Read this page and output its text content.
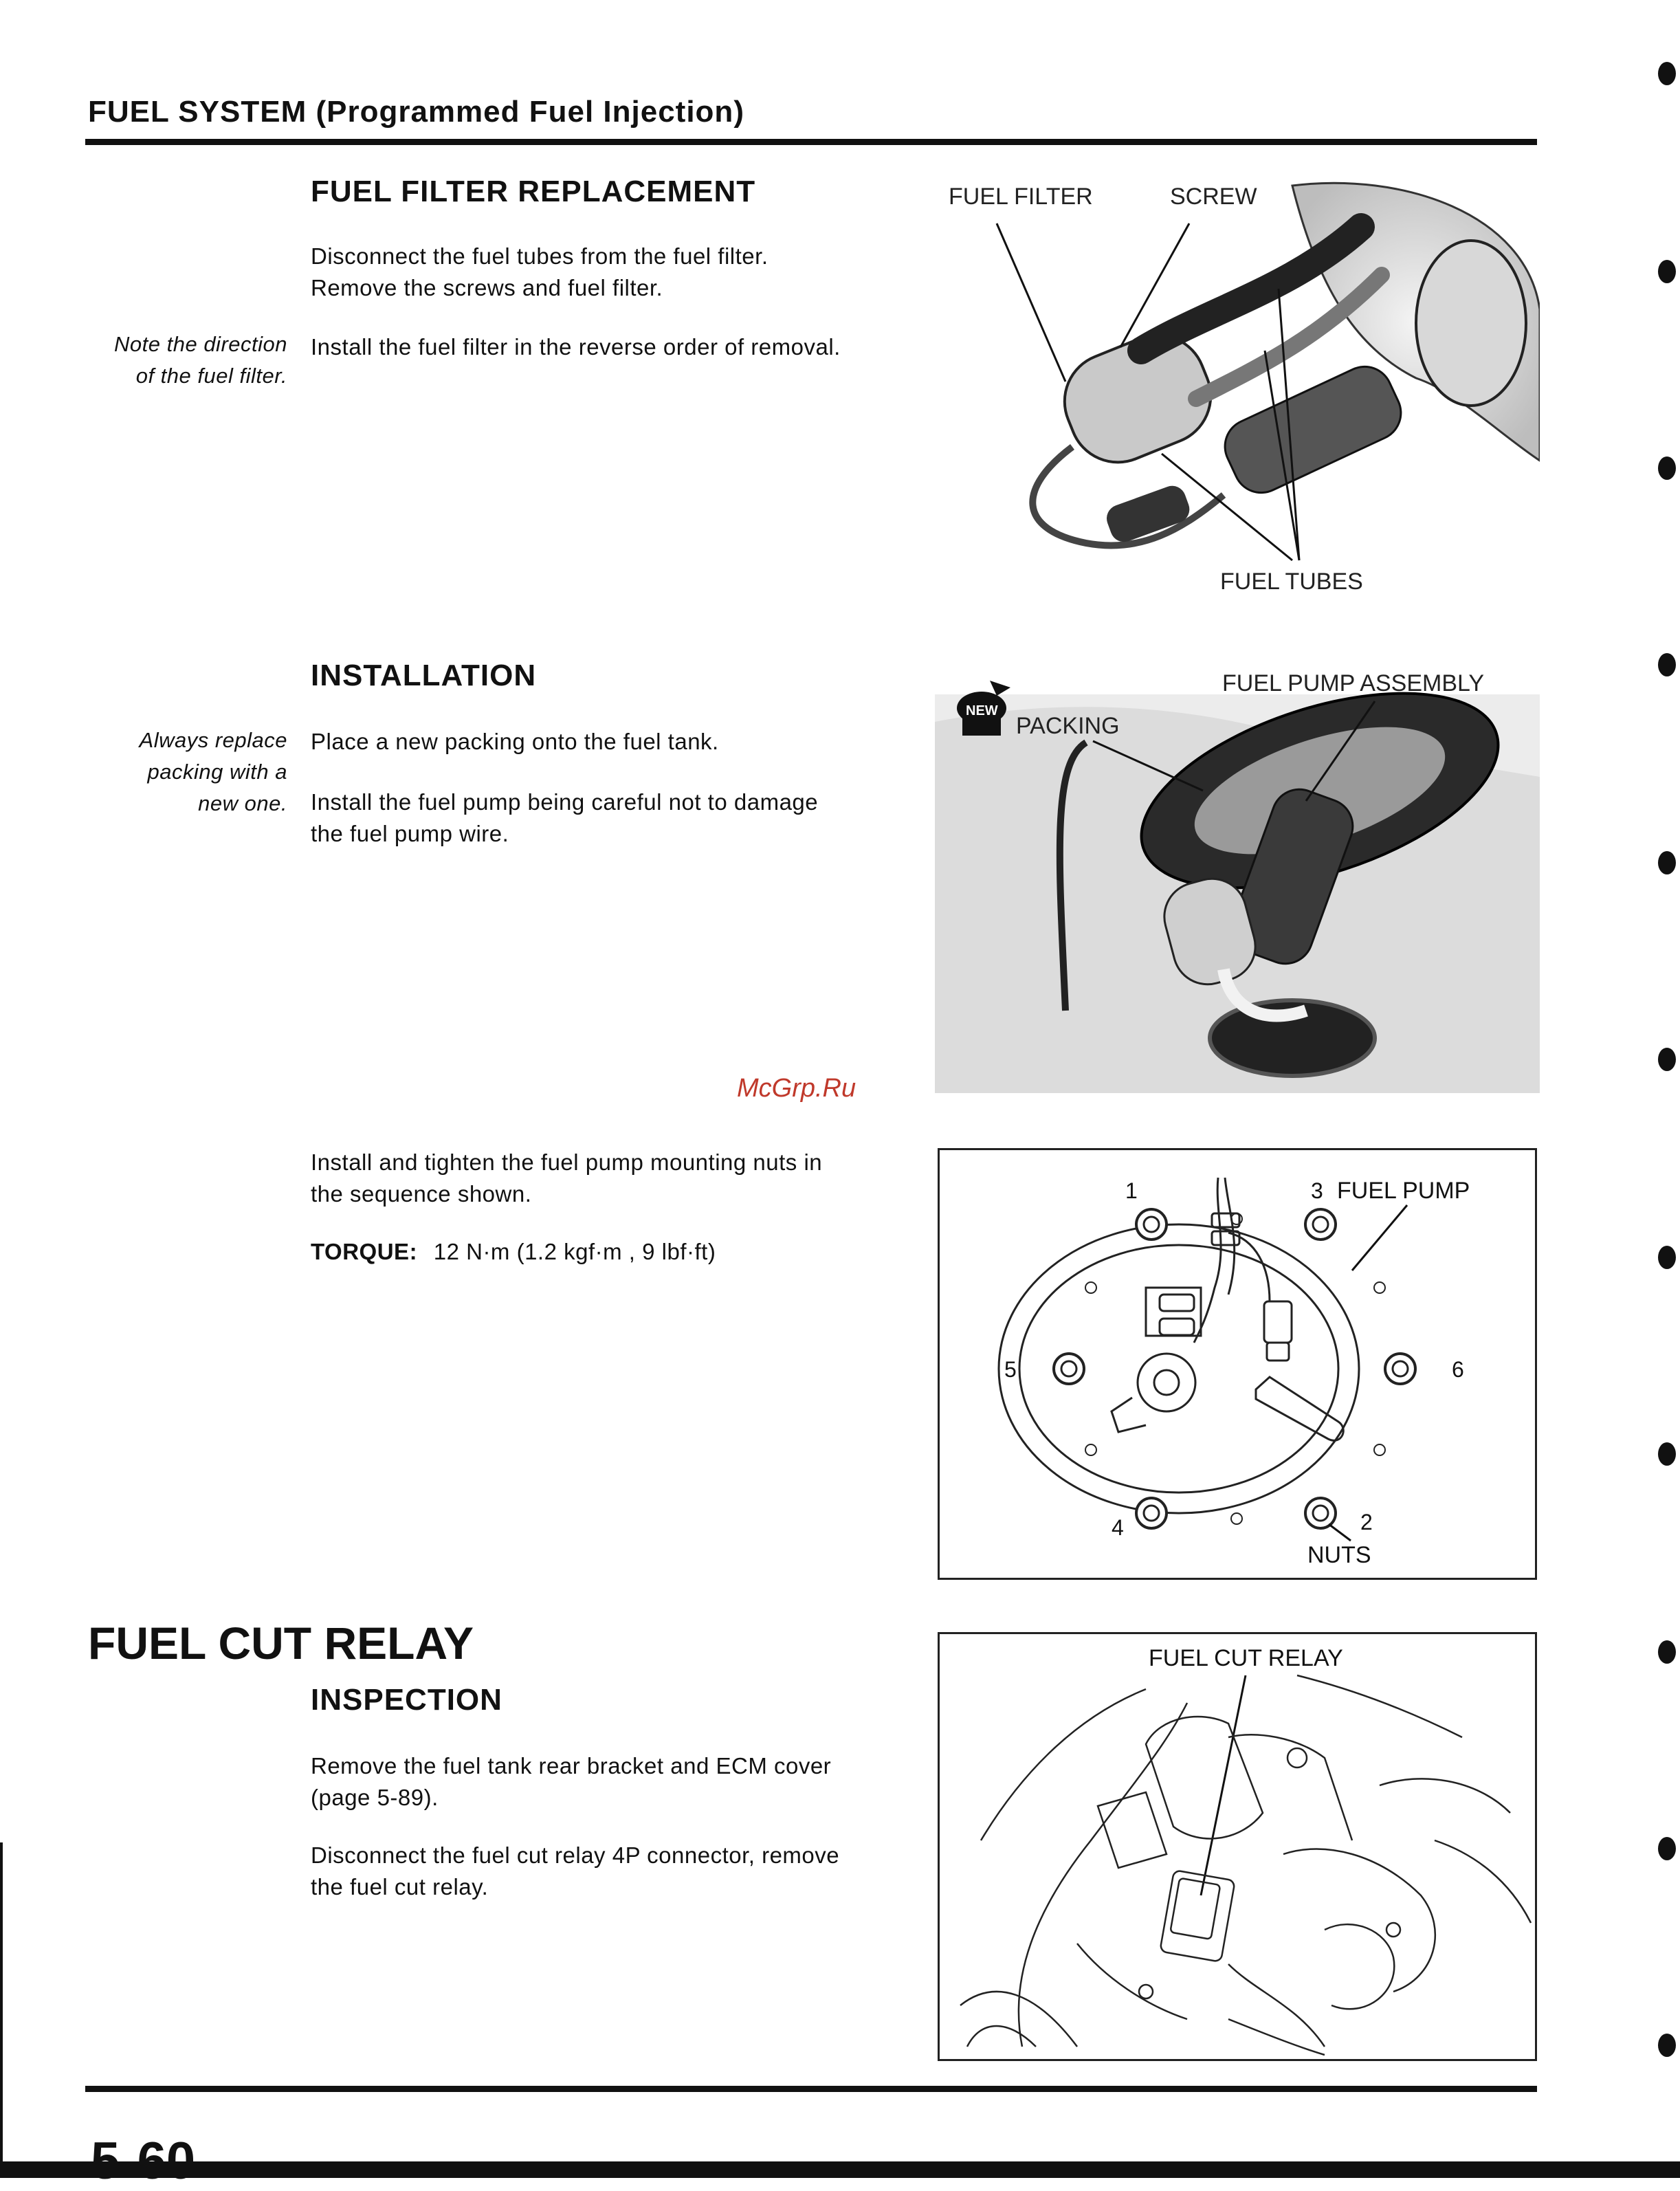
FUEL SYSTEM (Programmed Fuel Injection)
FUEL FILTER REPLACEMENT
Disconnect the fuel tubes from the fuel filter.
Remove the screws and fuel filter.
Note the direction
of the fuel filter.
Install the fuel filter in the reverse order of removal.
FUEL FILTER	SCREW
FUEL TUBES
INSTALLATION
Always replace
packing with a
new one.
Place a new packing onto the fuel tank.
Install the fuel pump being careful not to damage
the fuel pump wire.
NEW
PACKING
FUEL PUMP ASSEMBLY
McGrp.Ru
Install and tighten the fuel pump mounting nuts in
the sequence shown.
TORQUE: 12 N·m (1.2 kgf·m , 9 lbf·ft)
1	3 FUEL PUMP
5	6
4	2
NUTS
FUEL CUT RELAY
INSPECTION
Remove the fuel tank rear bracket and ECM cover
(page 5-89).
Disconnect the fuel cut relay 4P connector, remove
the fuel cut relay.
FUEL CUT RELAY
